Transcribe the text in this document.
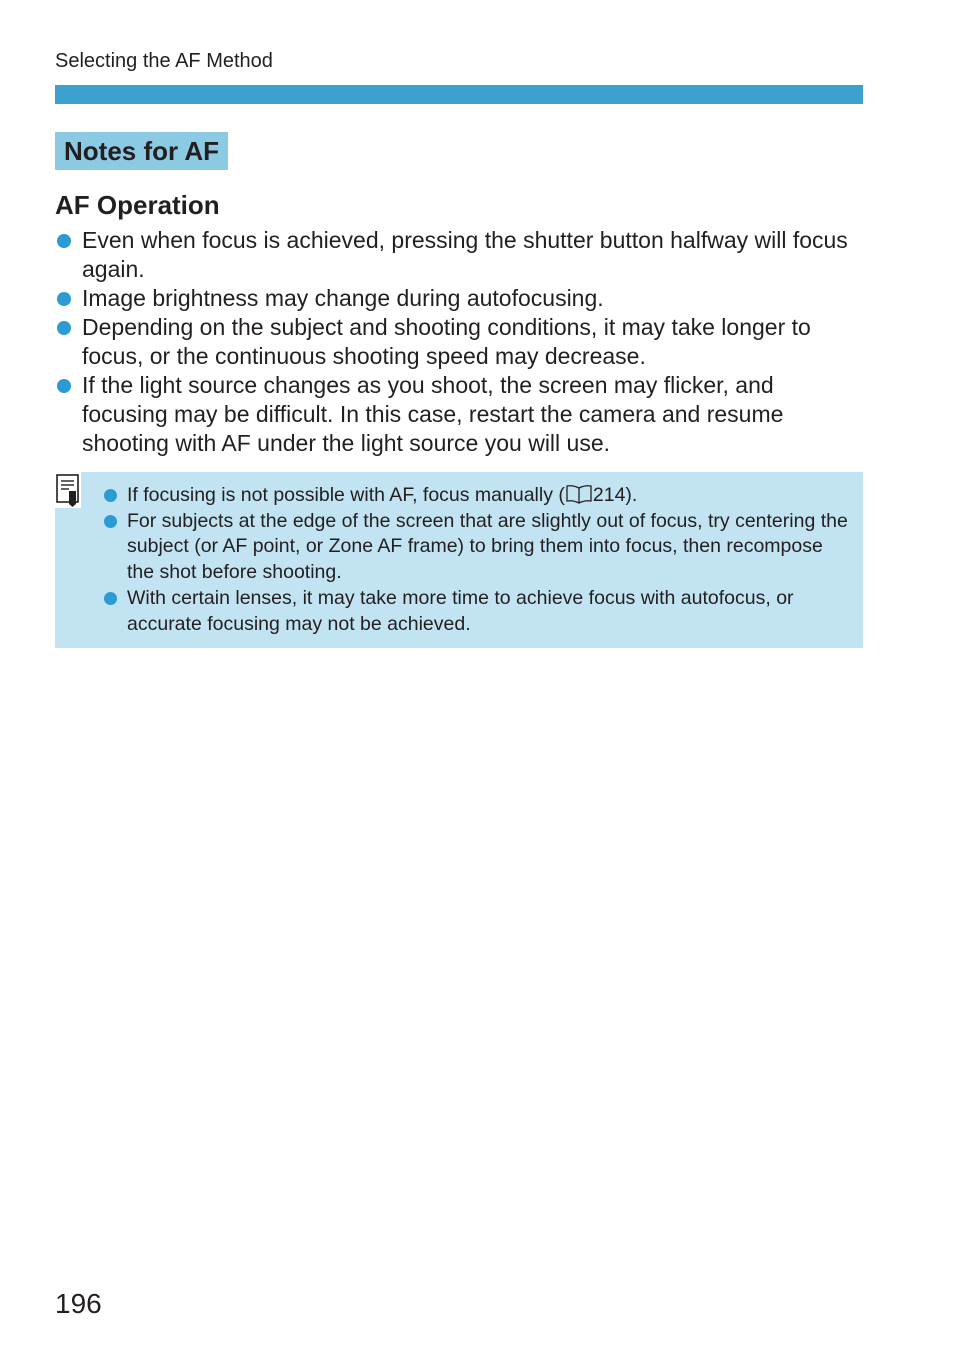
Selecting the AF Method
Notes for AF
AF Operation
Even when focus is achieved, pressing the shutter button halfway will focus again.
Image brightness may change during autofocusing.
Depending on the subject and shooting conditions, it may take longer to focus, or the continuous shooting speed may decrease.
If the light source changes as you shoot, the screen may flicker, and focusing may be difficult. In this case, restart the camera and resume shooting with AF under the light source you will use.
If focusing is not possible with AF, focus manually ( 214).
For subjects at the edge of the screen that are slightly out of focus, try centering the subject (or AF point, or Zone AF frame) to bring them into focus, then recompose the shot before shooting.
With certain lenses, it may take more time to achieve focus with autofocus, or accurate focusing may not be achieved.
196
